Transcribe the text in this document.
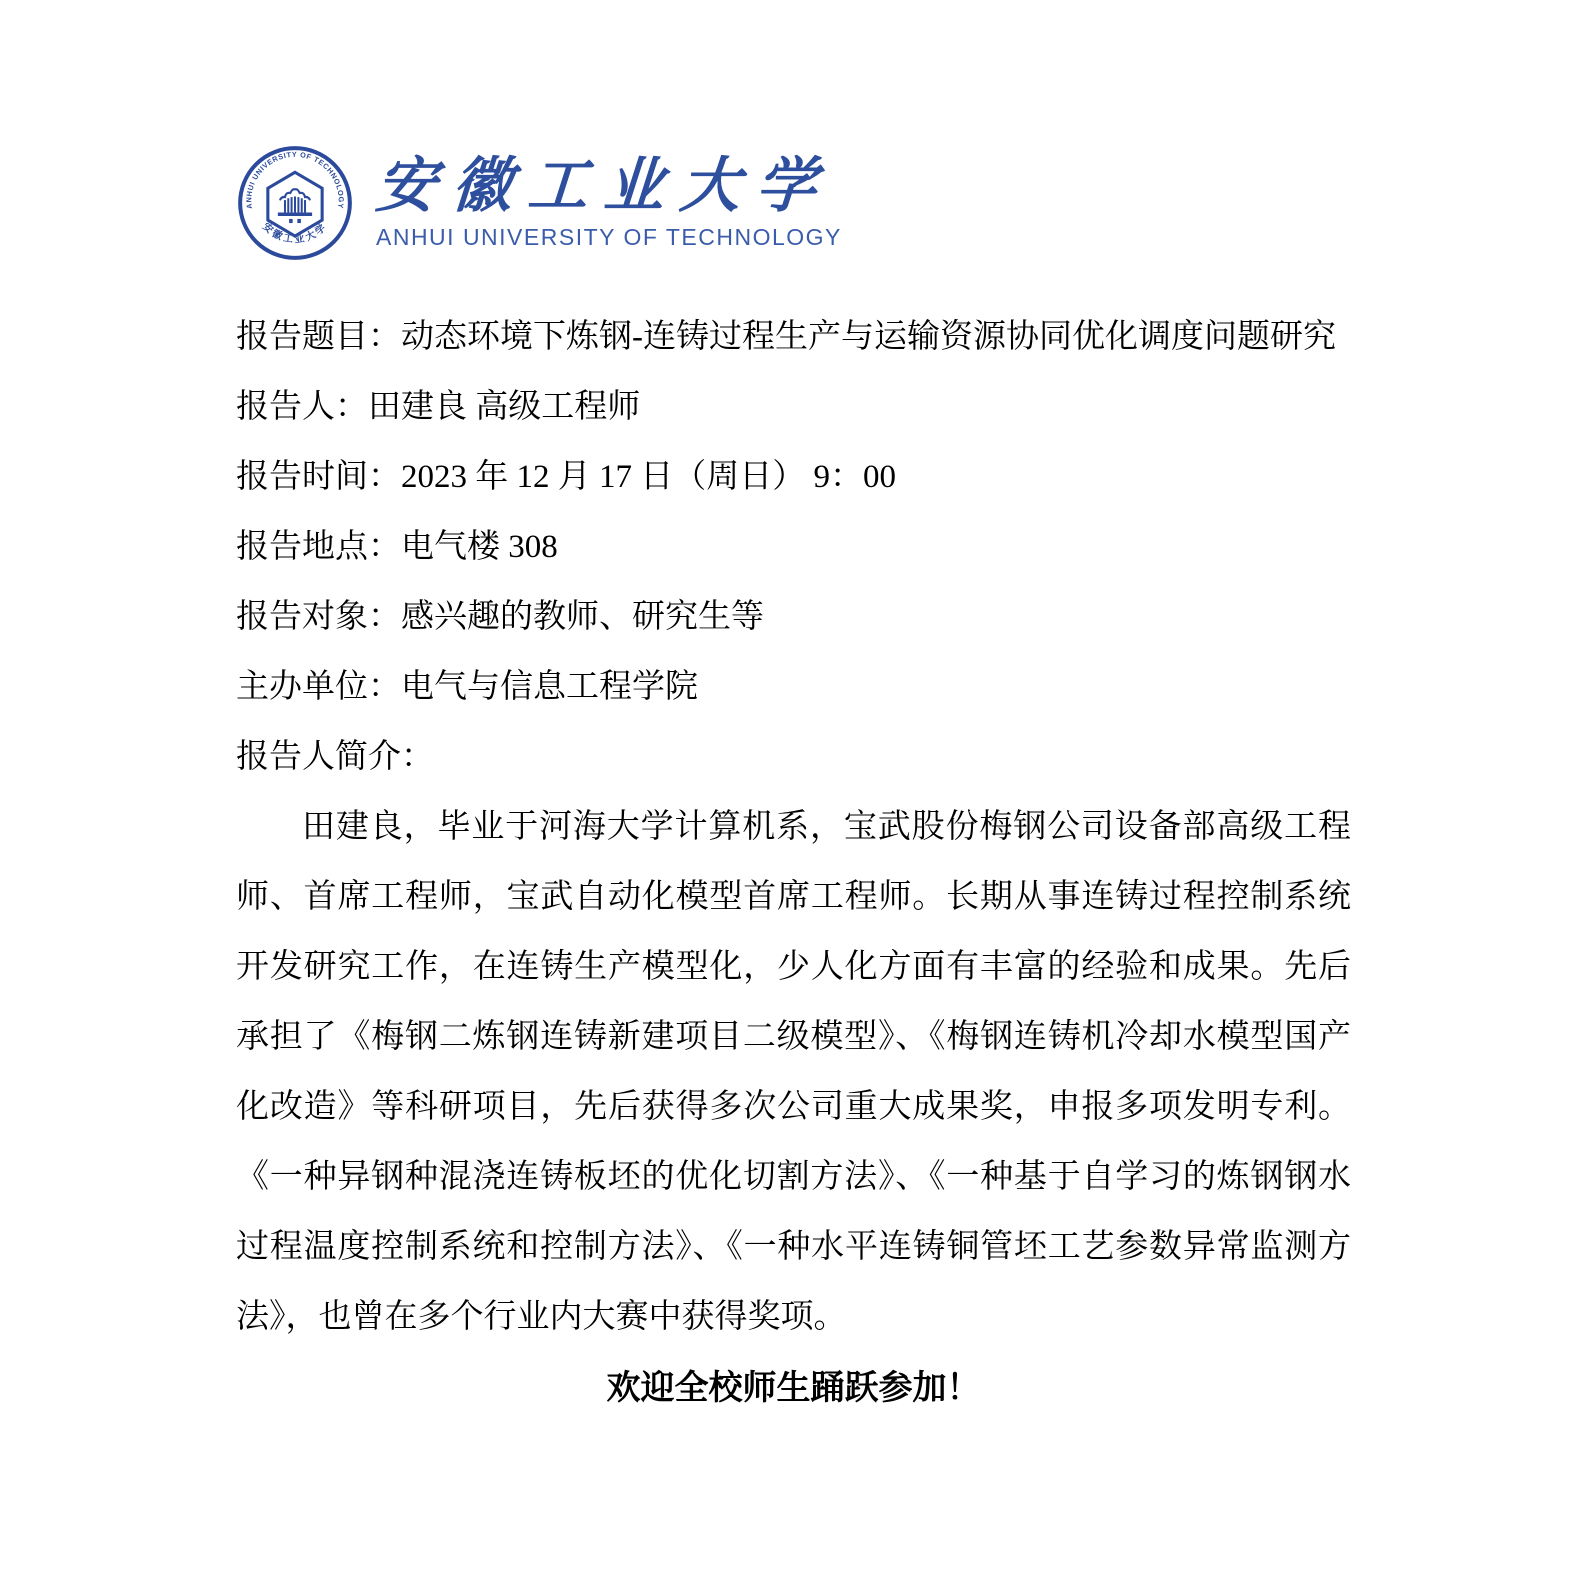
ANHUI UNIVERSITY OF TECHNOLOGY
安徽工业大学
安徽工业大学
ANHUI UNIVERSITY OF TECHNOLOGY
报告题目：动态环境下炼钢-连铸过程生产与运输资源协同优化调度问题研究
报告人：田建良 高级工程师
报告时间：2023 年 12 月 17 日（周日） 9：00
报告地点：电气楼 308
报告对象：感兴趣的教师、研究生等
主办单位：电气与信息工程学院
报告人简介：

田建良，毕业于河海大学计算机系，宝武股份梅钢公司设备部高级工程师、首席工程师，宝武自动化模型首席工程师。长期从事连铸过程控制系统开发研究工作，在连铸生产模型化，少人化方面有丰富的经验和成果。先后承担了《梅钢二炼钢连铸新建项目二级模型》、《梅钢连铸机冷却水模型国产化改造》等科研项目，先后获得多次公司重大成果奖，申报多项发明专利。《一种异钢种混浇连铸板坯的优化切割方法》、《一种基于自学习的炼钢钢水过程温度控制系统和控制方法》、《一种水平连铸铜管坯工艺参数异常监测方法》，也曾在多个行业内大赛中获得奖项。

欢迎全校师生踊跃参加！
